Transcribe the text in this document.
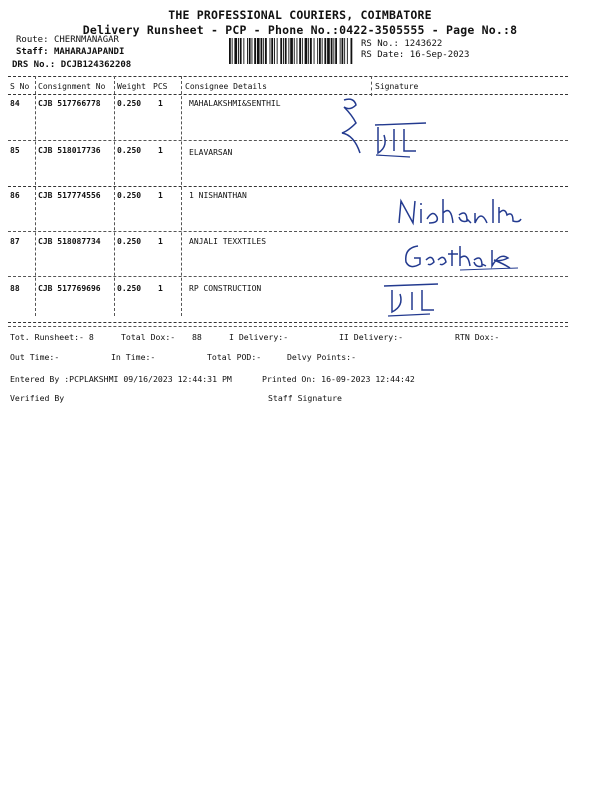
THE PROFESSIONAL COURIERS, COIMBATORE
Delivery Runsheet - PCP - Phone No.:0422-3505555 - Page No.:8
Route: CHERNMANAGAR
Staff: MAHARAJAPANDI
DRS No.: DCJB124362208
RS No.: 1243622
RS Date: 16-Sep-2023
S No Consignment No Weight PCS Consignee Details	Signature
84 CJB 517766778 0.250 1	MAHALAKSHMI&SENTHIL
85 CJB 518017736 0.250 1	ELAVARSAN
86 CJB 517774556 0.250 1	1 NISHANTHAN
87 CJB 518087734 0.250 1	ANJALI TEXXTILES
88 CJB 517769696 0.250 1	RP CONSTRUCTION
Tot. Runsheet:- 8	Total Dox:- 88	I Delivery:-	II Delivery:-	RTN Dox:-
Out Time:-	In Time:-	Total POD:-	Delvy Points:-
Entered By :PCPLAKSHMI 09/16/2023 12:44:31 PM	Printed On: 16-09-2023 12:44:42
Verified By	Staff Signature
